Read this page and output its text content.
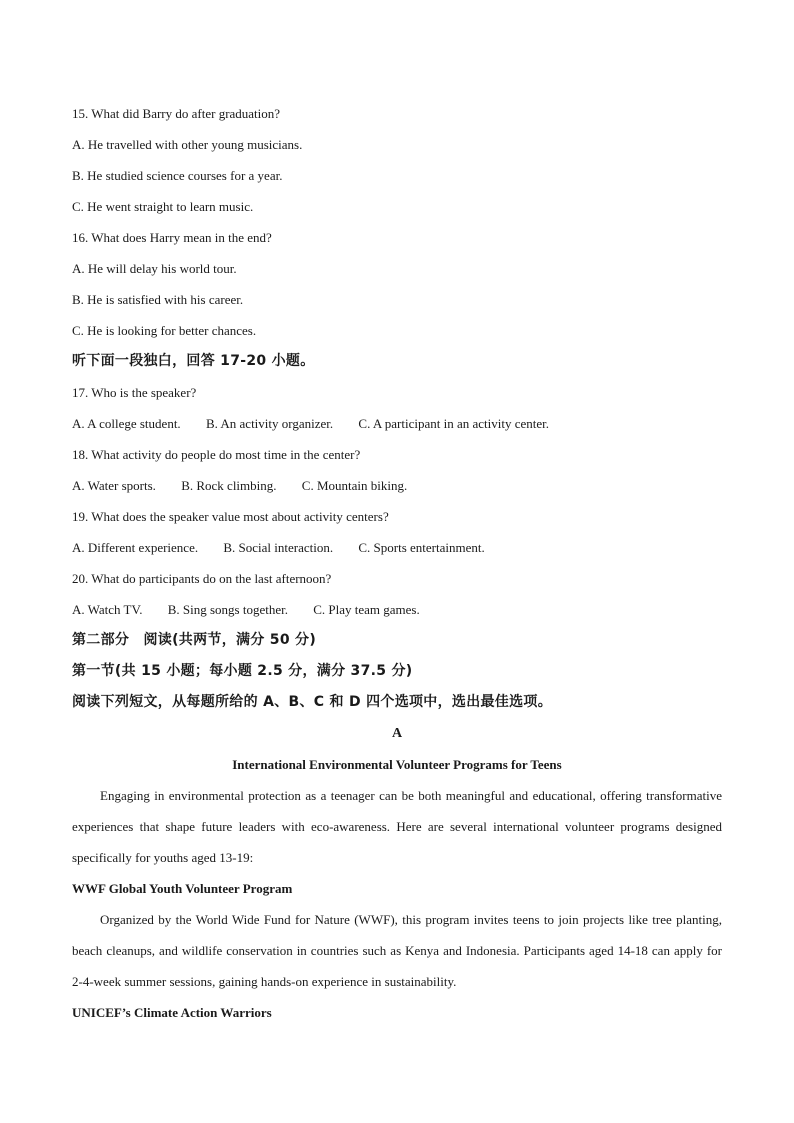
15. What did Barry do after graduation?
A. He travelled with other young musicians.
B. He studied science courses for a year.
C. He went straight to learn music.
16. What does Harry mean in the end?
A. He will delay his world tour.
B. He is satisfied with his career.
C. He is looking for better chances.
听下面一段独白，回答 17-20 小题。
17. Who is the speaker?
A. A college student. B. An activity organizer. C. A participant in an activity center.
18. What activity do people do most time in the center?
A. Water sports. B. Rock climbing. C. Mountain biking.
19. What does the speaker value most about activity centers?
A. Different experience. B. Social interaction. C. Sports entertainment.
20. What do participants do on the last afternoon?
A. Watch TV. B. Sing songs together. C. Play team games.
第二部分　阅读(共两节，满分 50 分)
第一节(共 15 小题；每小题 2.5 分，满分 37.5 分)
阅读下列短文，从每题所给的 A、B、C 和 D 四个选项中，选出最佳选项。
A
International Environmental Volunteer Programs for Teens
Engaging in environmental protection as a teenager can be both meaningful and educational, offering transformative experiences that shape future leaders with eco-awareness. Here are several international volunteer programs designed specifically for youths aged 13-19:
WWF Global Youth Volunteer Program
Organized by the World Wide Fund for Nature (WWF), this program invites teens to join projects like tree planting, beach cleanups, and wildlife conservation in countries such as Kenya and Indonesia. Participants aged 14-18 can apply for 2-4-week summer sessions, gaining hands-on experience in sustainability.
UNICEF’s Climate Action Warriors
